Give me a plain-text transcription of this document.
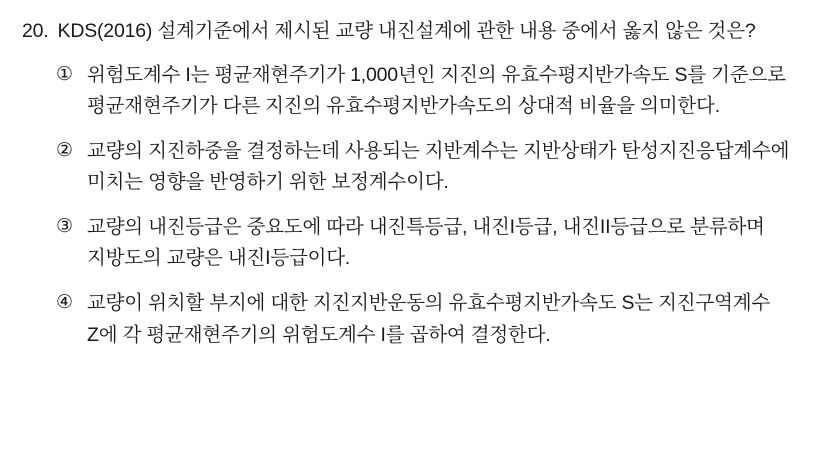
20. KDS(2016) 설계기준에서 제시된 교량 내진설계에 관한 내용 중에서 옳지 않은 것은?
① 위험도계수 I는 평균재현주기가 1,000년인 지진의 유효수평지반가속도 S를 기준으로 평균재현주기가 다른 지진의 유효수평지반가속도의 상대적 비율을 의미한다.
② 교량의 지진하중을 결정하는데 사용되는 지반계수는 지반상태가 탄성지진응답계수에 미치는 영향을 반영하기 위한 보정계수이다.
③ 교량의 내진등급은 중요도에 따라 내진특등급, 내진I등급, 내진II등급으로 분류하며 지방도의 교량은 내진I등급이다.
④ 교량이 위치할 부지에 대한 지진지반운동의 유효수평지반가속도 S는 지진구역계수 Z에 각 평균재현주기의 위험도계수 I를 곱하여 결정한다.
